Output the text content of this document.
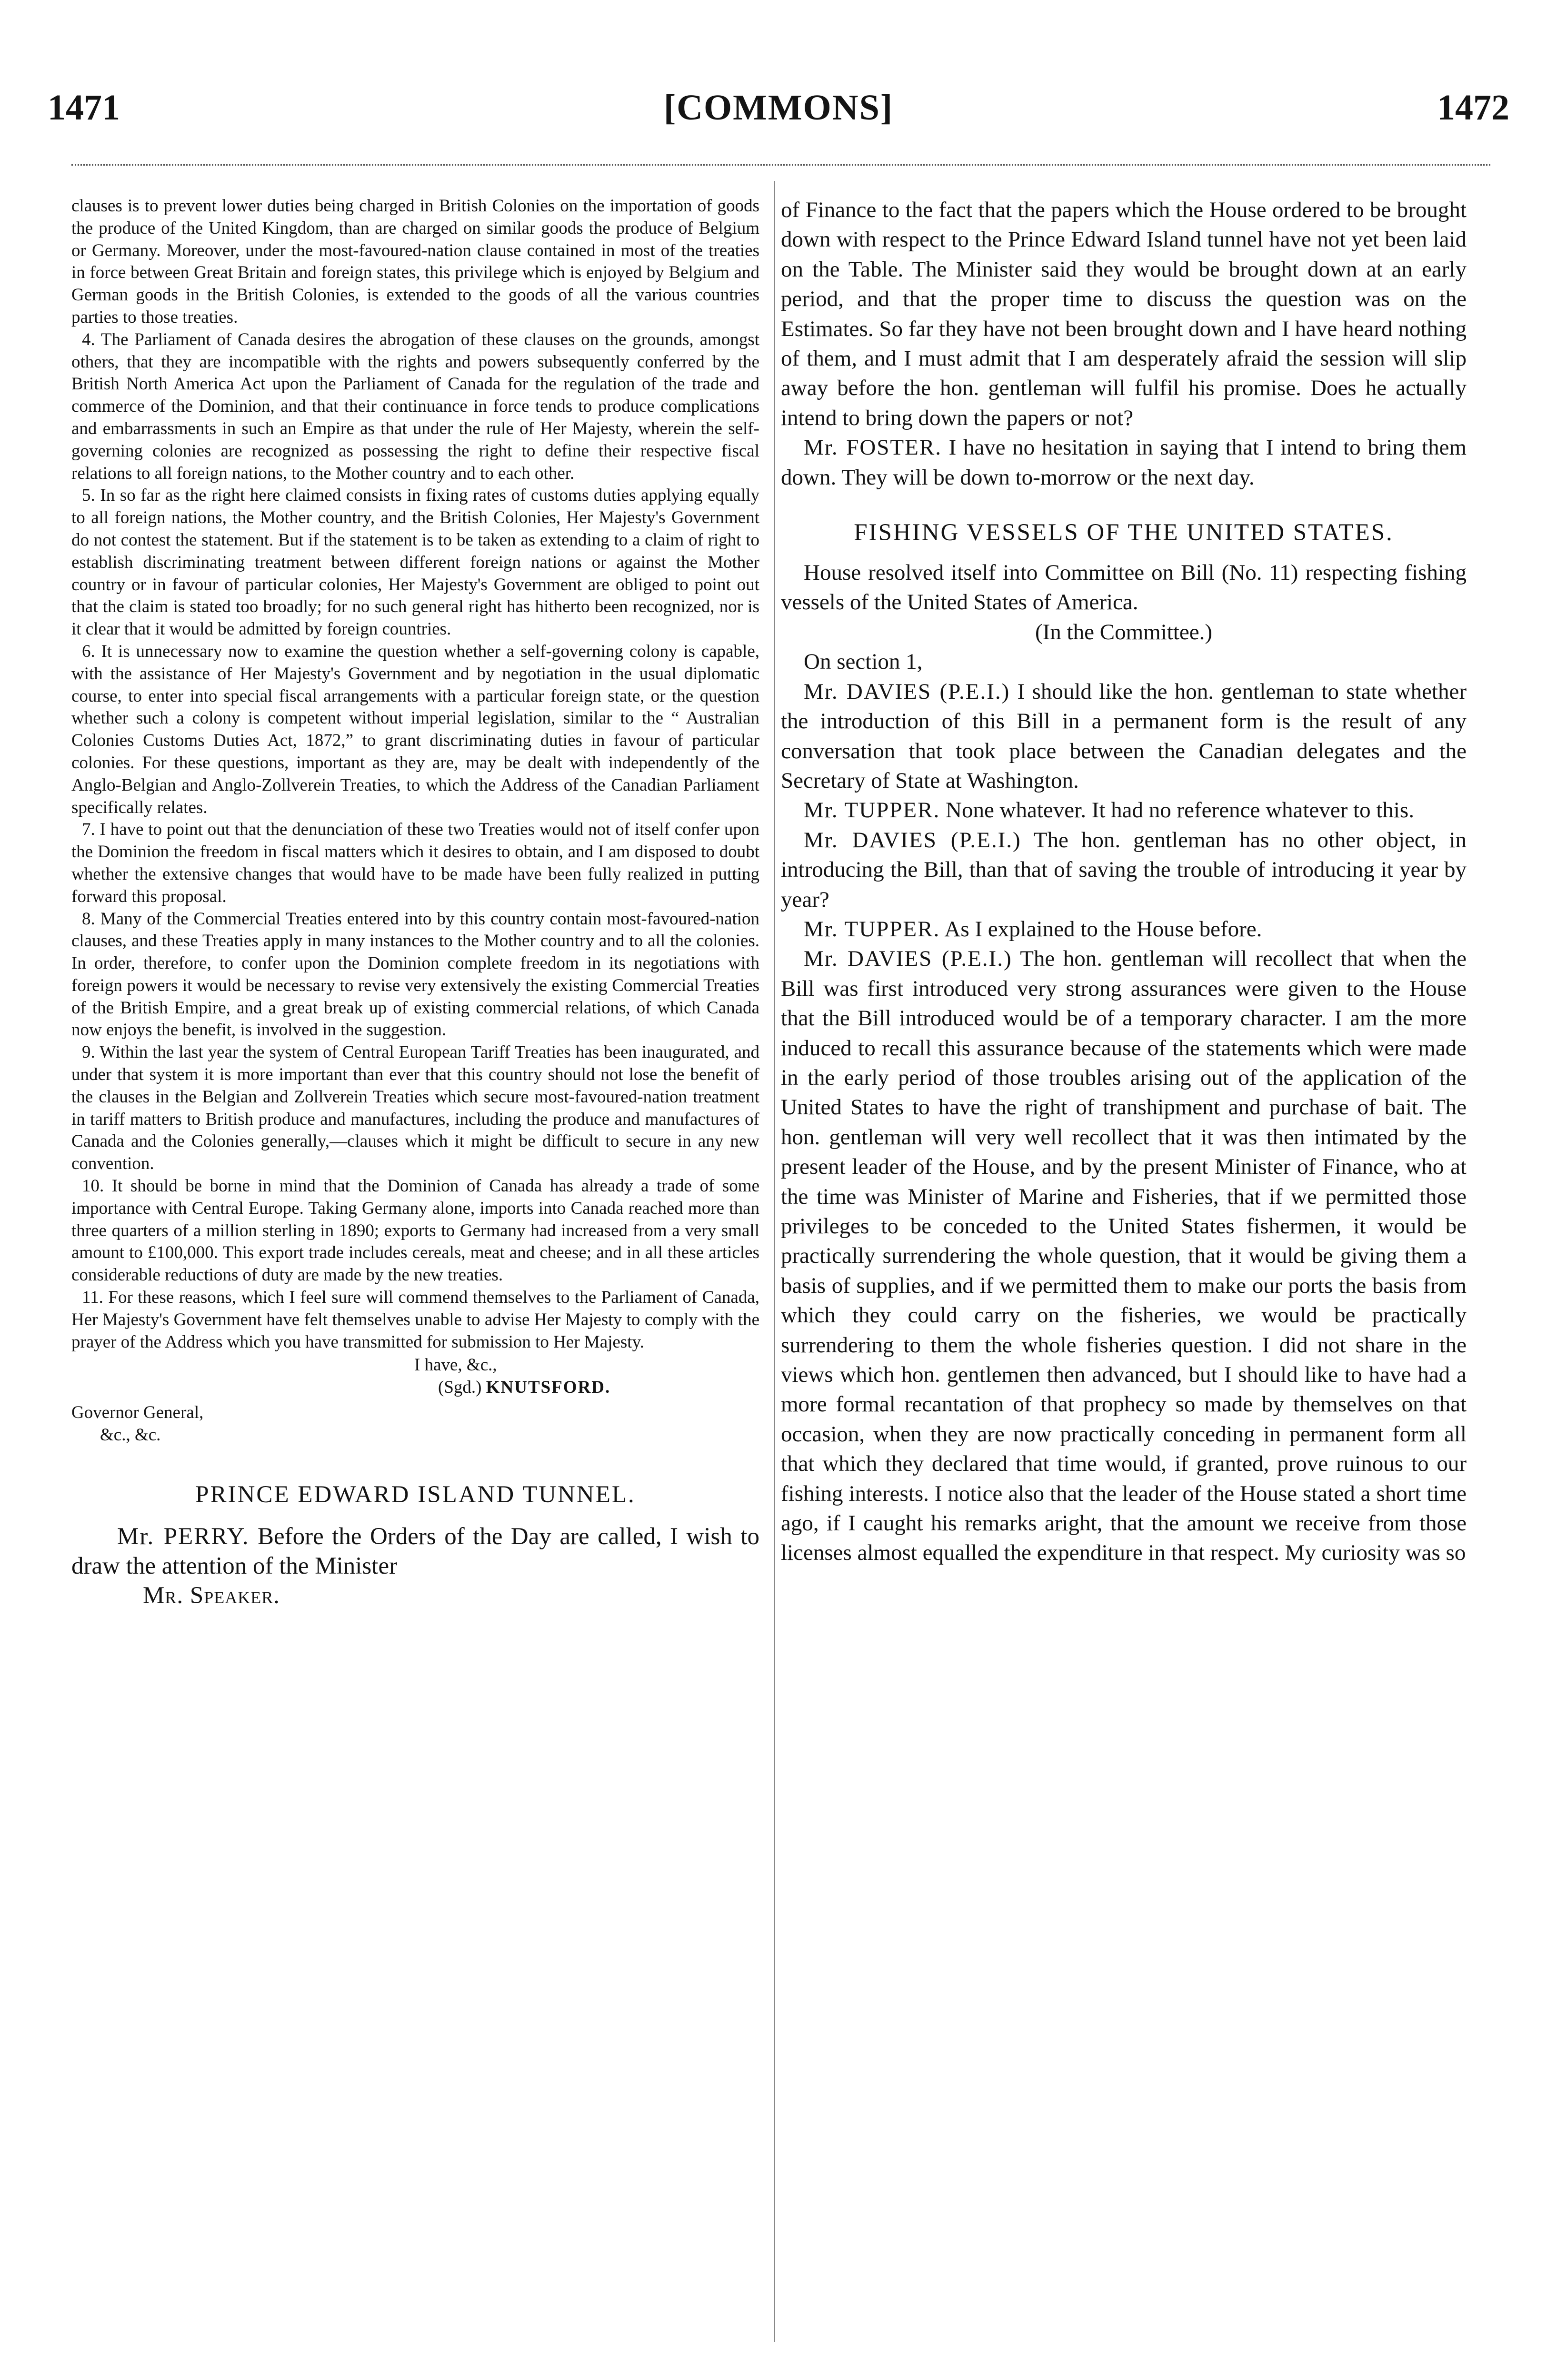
1471	[COMMONS]	1472

clauses is to prevent lower duties being charged in British Colonies on the importation of goods the produce of the United Kingdom, than are charged on similar goods the produce of Belgium or Germany. Moreover, under the most-favoured-nation clause contained in most of the treaties in force between Great Britain and foreign states, this privilege which is enjoyed by Belgium and German goods in the British Colonies, is extended to the goods of all the various countries parties to those treaties.

4. The Parliament of Canada desires the abrogation of these clauses on the grounds, amongst others, that they are incompatible with the rights and powers subsequently conferred by the British North America Act upon the Parliament of Canada for the regulation of the trade and commerce of the Dominion, and that their continuance in force tends to produce complications and embarrassments in such an Empire as that under the rule of Her Majesty, wherein the self-governing colonies are recognized as possessing the right to define their respective fiscal relations to all foreign nations, to the Mother country and to each other.

5. In so far as the right here claimed consists in fixing rates of customs duties applying equally to all foreign nations, the Mother country, and the British Colonies, Her Majesty's Government do not contest the statement. But if the statement is to be taken as extending to a claim of right to establish discriminating treatment between different foreign nations or against the Mother country or in favour of particular colonies, Her Majesty's Government are obliged to point out that the claim is stated too broadly; for no such general right has hitherto been recognized, nor is it clear that it would be admitted by foreign countries.

6. It is unnecessary now to examine the question whether a self-governing colony is capable, with the assistance of Her Majesty's Government and by negotiation in the usual diplomatic course, to enter into special fiscal arrangements with a particular foreign state, or the question whether such a colony is competent without imperial legislation, similar to the “ Australian Colonies Customs Duties Act, 1872,” to grant discriminating duties in favour of particular colonies. For these questions, important as they are, may be dealt with independently of the Anglo-Belgian and Anglo-Zollverein Treaties, to which the Address of the Canadian Parliament specifically relates.

7. I have to point out that the denunciation of these two Treaties would not of itself confer upon the Dominion the freedom in fiscal matters which it desires to obtain, and I am disposed to doubt whether the extensive changes that would have to be made have been fully realized in putting forward this proposal.

8. Many of the Commercial Treaties entered into by this country contain most-favoured-nation clauses, and these Treaties apply in many instances to the Mother country and to all the colonies. In order, therefore, to confer upon the Dominion complete freedom in its negotiations with foreign powers it would be necessary to revise very extensively the existing Commercial Treaties of the British Empire, and a great break up of existing commercial relations, of which Canada now enjoys the benefit, is involved in the suggestion.

9. Within the last year the system of Central European Tariff Treaties has been inaugurated, and under that system it is more important than ever that this country should not lose the benefit of the clauses in the Belgian and Zollverein Treaties which secure most-favoured-nation treatment in tariff matters to British produce and manufactures, including the produce and manufactures of Canada and the Colonies generally,—clauses which it might be difficult to secure in any new convention.

10. It should be borne in mind that the Dominion of Canada has already a trade of some importance with Central Europe. Taking Germany alone, imports into Canada reached more than three quarters of a million sterling in 1890; exports to Germany had increased from a very small amount to £100,000. This export trade includes cereals, meat and cheese; and in all these articles considerable reductions of duty are made by the new treaties.

11. For these reasons, which I feel sure will commend themselves to the Parliament of Canada, Her Majesty's Government have felt themselves unable to advise Her Majesty to comply with the prayer of the Address which you have transmitted for submission to Her Majesty.

I have, &c.,
(Sgd.) KNUTSFORD.
Governor General,
&c., &c.
PRINCE EDWARD ISLAND TUNNEL.

Mr. PERRY. Before the Orders of the Day are called, I wish to draw the attention of the Minister

Mr. Speaker.

of Finance to the fact that the papers which the House ordered to be brought down with respect to the Prince Edward Island tunnel have not yet been laid on the Table. The Minister said they would be brought down at an early period, and that the proper time to discuss the question was on the Estimates. So far they have not been brought down and I have heard nothing of them, and I must admit that I am desperately afraid the session will slip away before the hon. gentleman will fulfil his promise. Does he actually intend to bring down the papers or not?

Mr. FOSTER. I have no hesitation in saying that I intend to bring them down. They will be down to-morrow or the next day.

FISHING VESSELS OF THE UNITED STATES.

House resolved itself into Committee on Bill (No. 11) respecting fishing vessels of the United States of America.

(In the Committee.)

On section 1,

Mr. DAVIES (P.E.I.) I should like the hon. gentleman to state whether the introduction of this Bill in a permanent form is the result of any conversation that took place between the Canadian delegates and the Secretary of State at Washington.

Mr. TUPPER. None whatever. It had no reference whatever to this.

Mr. DAVIES (P.E.I.) The hon. gentleman has no other object, in introducing the Bill, than that of saving the trouble of introducing it year by year?

Mr. TUPPER. As I explained to the House before.

Mr. DAVIES (P.E.I.) The hon. gentleman will recollect that when the Bill was first introduced very strong assurances were given to the House that the Bill introduced would be of a temporary character. I am the more induced to recall this assurance because of the statements which were made in the early period of those troubles arising out of the application of the United States to have the right of transhipment and purchase of bait. The hon. gentleman will very well recollect that it was then intimated by the present leader of the House, and by the present Minister of Finance, who at the time was Minister of Marine and Fisheries, that if we permitted those privileges to be conceded to the United States fishermen, it would be practically surrendering the whole question, that it would be giving them a basis of supplies, and if we permitted them to make our ports the basis from which they could carry on the fisheries, we would be practically surrendering to them the whole fisheries question. I did not share in the views which hon. gentlemen then advanced, but I should like to have had a more formal recantation of that prophecy so made by themselves on that occasion, when they are now practically conceding in permanent form all that which they declared that time would, if granted, prove ruinous to our fishing interests. I notice also that the leader of the House stated a short time ago, if I caught his remarks aright, that the amount we receive from those licenses almost equalled the expenditure in that respect. My curiosity was so
